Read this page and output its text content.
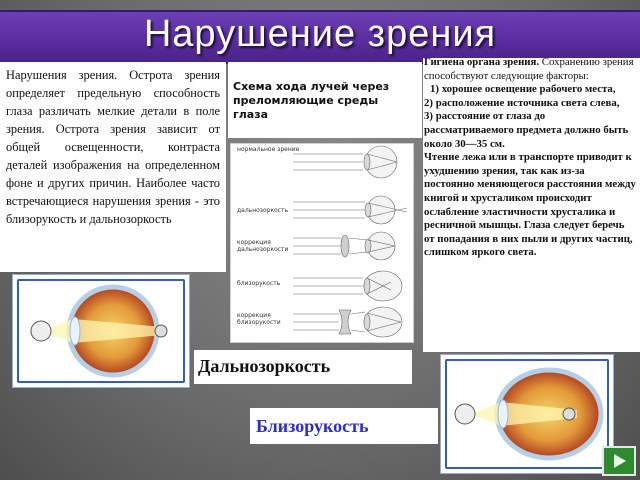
Нарушение зрения

Нарушения зрения. Острота зрения определяет предельную способность глаза различать мелкие детали в поле зрения. Острота зрения зависит от общей освещенности, контраста деталей изображения на определенном фоне и других причин. Наиболее часто встречающиеся нарушения зрения - это близорукость и дальнозоркость

Схема хода лучей через преломляющие среды глаза

Гигиена органа зрения. Сохранению зрения способствуют следующие факторы:
1) хорошее освещение рабочего места,
2) расположение источника света слева,
3) расстояние от глаза до рассматриваемого предмета должно быть около 30—35 см.
Чтение лежа или в транспорте приводит к ухудшению зрения, так как из-за постоянно меняющегося расстояния между книгой и хрусталиком происходит ослабление эластичности хрусталика и ресничной мышцы. Глаза следует беречь от попадания в них пыли и других частиц, слишком яркого света.
нормальное зрение
дальнозоркость
коррекция дальнозоркости
близорукость
коррекция близорукости
Дальнозоркость
Близорукость
